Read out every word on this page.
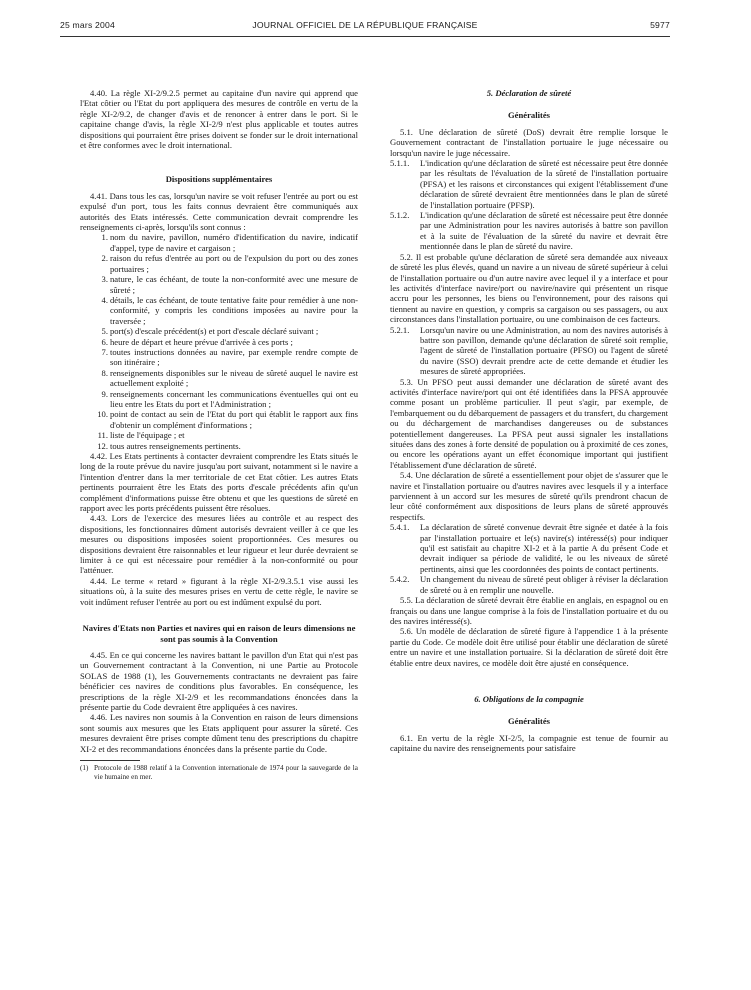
25 mars 2004	JOURNAL OFFICIEL DE LA RÉPUBLIQUE FRANÇAISE	5977

4.40. La règle XI-2/9.2.5 permet au capitaine d'un navire qui apprend que l'Etat côtier ou l'Etat du port appliquera des mesures de contrôle en vertu de la règle XI-2/9.2, de changer d'avis et de renoncer à entrer dans le port. Si le capitaine change d'avis, la règle XI-2/9 n'est plus applicable et toutes autres dispositions qui pourraient être prises doivent se fonder sur le droit international et être conformes avec le droit international.

Dispositions supplémentaires

4.41. Dans tous les cas, lorsqu'un navire se voit refuser l'entrée au port ou est expulsé d'un port, tous les faits connus devraient être communiqués aux autorités des Etats intéressés. Cette communication devrait comprendre les renseignements ci-après, lorsqu'ils sont connus :

1. nom du navire, pavillon, numéro d'identification du navire, indicatif d'appel, type de navire et cargaison ;
2. raison du refus d'entrée au port ou de l'expulsion du port ou des zones portuaires ;
3. nature, le cas échéant, de toute la non-conformité avec une mesure de sûreté ;
4. détails, le cas échéant, de toute tentative faite pour remédier à une non-conformité, y compris les conditions imposées au navire pour la traversée ;
5. port(s) d'escale précédent(s) et port d'escale déclaré suivant ;
6. heure de départ et heure prévue d'arrivée à ces ports ;
7. toutes instructions données au navire, par exemple rendre compte de son itinéraire ;
8. renseignements disponibles sur le niveau de sûreté auquel le navire est actuellement exploité ;
9. renseignements concernant les communications éventuelles qui ont eu lieu entre les Etats du port et l'Administration ;
10. point de contact au sein de l'Etat du port qui établit le rapport aux fins d'obtenir un complément d'informations ;
11. liste de l'équipage ; et
12. tous autres renseignements pertinents.

4.42. Les Etats pertinents à contacter devraient comprendre les Etats situés le long de la route prévue du navire jusqu'au port suivant, notamment si le navire a l'intention d'entrer dans la mer territoriale de cet Etat côtier. Les autres Etats pertinents pourraient être les Etats des ports d'escale précédents afin qu'un complément d'informations puisse être obtenu et que les questions de sûreté en rapport avec les ports précédents puissent être résolues.

4.43. Lors de l'exercice des mesures liées au contrôle et au respect des dispositions, les fonctionnaires dûment autorisés devraient veiller à ce que les mesures ou dispositions imposées soient proportionnées. Ces mesures ou dispositions devraient être raisonnables et leur rigueur et leur durée devraient se limiter à ce qui est nécessaire pour remédier à la non-conformité ou pour l'atténuer.

4.44. Le terme « retard » figurant à la règle XI-2/9.3.5.1 vise aussi les situations où, à la suite des mesures prises en vertu de cette règle, le navire se voit indûment refuser l'entrée au port ou est indûment expulsé du port.

Navires d'Etats non Parties et navires qui en raison de leurs dimensions ne sont pas soumis à la Convention

4.45. En ce qui concerne les navires battant le pavillon d'un Etat qui n'est pas un Gouvernement contractant à la Convention, ni une Partie au Protocole SOLAS de 1988 (1), les Gouvernements contractants ne devraient pas faire bénéficier ces navires de conditions plus favorables. En conséquence, les prescriptions de la règle XI-2/9 et les recommandations énoncées dans la présente partie du Code devraient être appliquées à ces navires.

4.46. Les navires non soumis à la Convention en raison de leurs dimensions sont soumis aux mesures que les Etats appliquent pour assurer la sûreté. Ces mesures devraient être prises compte dûment tenu des prescriptions du chapitre XI-2 et des recommandations énoncées dans la présente partie du Code.

(1) Protocole de 1988 relatif à la Convention internationale de 1974 pour la sauvegarde de la vie humaine en mer.

5. Déclaration de sûreté

Généralités

5.1. Une déclaration de sûreté (DoS) devrait être remplie lorsque le Gouvernement contractant de l'installation portuaire le juge nécessaire ou lorsqu'un navire le juge nécessaire.

5.1.1. L'indication qu'une déclaration de sûreté est nécessaire peut être donnée par les résultats de l'évaluation de la sûreté de l'installation portuaire (PFSA) et les raisons et circonstances qui exigent l'établissement d'une déclaration de sûreté devraient être mentionnées dans le plan de sûreté de l'installation portuaire (PFSP).
5.1.2. L'indication qu'une déclaration de sûreté est nécessaire peut être donnée par une Administration pour les navires autorisés à battre son pavillon et à la suite de l'évaluation de la sûreté du navire et devrait être mentionnée dans le plan de sûreté du navire.

5.2. Il est probable qu'une déclaration de sûreté sera demandée aux niveaux de sûreté les plus élevés, quand un navire a un niveau de sûreté supérieur à celui de l'installation portuaire ou d'un autre navire avec lequel il y a interface et pour les activités d'interface navire/port ou navire/navire qui présentent un risque accru pour les personnes, les biens ou l'environnement, pour des raisons qui tiennent au navire en question, y compris sa cargaison ou ses passagers, ou aux circonstances dans l'installation portuaire, ou une combinaison de ces facteurs.

5.2.1. Lorsqu'un navire ou une Administration, au nom des navires autorisés à battre son pavillon, demande qu'une déclaration de sûreté soit remplie, l'agent de sûreté de l'installation portuaire (PFSO) ou l'agent de sûreté du navire (SSO) devrait prendre acte de cette demande et étudier les mesures de sûreté appropriées.

5.3. Un PFSO peut aussi demander une déclaration de sûreté avant des activités d'interface navire/port qui ont été identifiées dans la PFSA approuvée comme posant un problème particulier. Il peut s'agir, par exemple, de l'embarquement ou du débarquement de passagers et du transfert, du chargement ou du déchargement de marchandises dangereuses ou de substances potentiellement dangereuses. La PFSA peut aussi signaler les installations situées dans des zones à forte densité de population ou à proximité de ces zones, ou encore les opérations ayant un effet économique important qui justifient l'établissement d'une déclaration de sûreté.

5.4. Une déclaration de sûreté a essentiellement pour objet de s'assurer que le navire et l'installation portuaire ou d'autres navires avec lesquels il y a interface parviennent à un accord sur les mesures de sûreté qu'ils prendront chacun de leur côté conformément aux dispositions de leurs plans de sûreté approuvés respectifs.

5.4.1. La déclaration de sûreté convenue devrait être signée et datée à la fois par l'installation portuaire et le(s) navire(s) intéressé(s) pour indiquer qu'il est satisfait au chapitre XI-2 et à la partie A du présent Code et devrait indiquer sa période de validité, le ou les niveaux de sûreté pertinents, ainsi que les coordonnées des points de contact pertinents.
5.4.2. Un changement du niveau de sûreté peut obliger à réviser la déclaration de sûreté ou à en remplir une nouvelle.

5.5. La déclaration de sûreté devrait être établie en anglais, en espagnol ou en français ou dans une langue comprise à la fois de l'installation portuaire et du ou des navires intéressé(s).

5.6. Un modèle de déclaration de sûreté figure à l'appendice 1 à la présente partie du Code. Ce modèle doit être utilisé pour établir une déclaration de sûreté entre un navire et une installation portuaire. Si la déclaration de sûreté doit être établie entre deux navires, ce modèle doit être ajusté en conséquence.

6. Obligations de la compagnie

Généralités

6.1. En vertu de la règle XI-2/5, la compagnie est tenue de fournir au capitaine du navire des renseignements pour satisfaire
